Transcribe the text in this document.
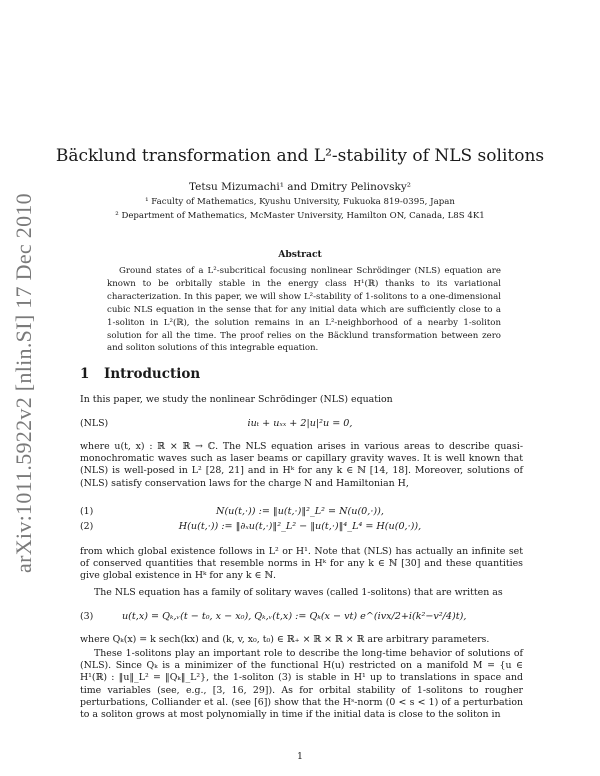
arXiv:1011.5922v2 [nlin.SI] 17 Dec 2010
Bäcklund transformation and L²-stability of NLS solitons
Tetsu Mizumachi¹ and Dmitry Pelinovsky²
¹ Faculty of Mathematics, Kyushu University, Fukuoka 819-0395, Japan
² Department of Mathematics, McMaster University, Hamilton ON, Canada, L8S 4K1
Abstract
Ground states of a L²-subcritical focusing nonlinear Schrödinger (NLS) equation are known to be orbitally stable in the energy class H¹(ℝ) thanks to its variational characterization. In this paper, we will show L²-stability of 1-solitons to a one-dimensional cubic NLS equation in the sense that for any initial data which are sufficiently close to a 1-soliton in L²(ℝ), the solution remains in an L²-neighborhood of a nearby 1-soliton solution for all the time. The proof relies on the Bäcklund transformation between zero and soliton solutions of this integrable equation.
1 Introduction
In this paper, we study the nonlinear Schrödinger (NLS) equation
(NLS)	iuₜ + uₓₓ + 2|u|²u = 0,
where u(t, x) : ℝ × ℝ → ℂ. The NLS equation arises in various areas to describe quasi-monochromatic waves such as laser beams or capillary gravity waves. It is well known that (NLS) is well-posed in L² [28, 21] and in Hᵏ for any k ∈ ℕ [14, 18]. Moreover, solutions of (NLS) satisfy conservation laws for the charge N and Hamiltonian H,
(1)	N(u(t,·)) := ‖u(t,·)‖²_L² = N(u(0,·)),
(2)	H(u(t,·)) := ‖∂ₓu(t,·)‖²_L² − ‖u(t,·)‖⁴_L⁴ = H(u(0,·)),
from which global existence follows in L² or H¹. Note that (NLS) has actually an infinite set of conserved quantities that resemble norms in Hᵏ for any k ∈ ℕ [30] and these quantities give global existence in Hᵏ for any k ∈ ℕ.
The NLS equation has a family of solitary waves (called 1-solitons) that are written as
(3)	u(t,x) = Qₖ,ᵥ(t − t₀, x − x₀), Qₖ,ᵥ(t,x) := Qₖ(x − vt) e^(ivx/2+i(k²−v²/4)t),
where Qₖ(x) = k sech(kx) and (k, v, x₀, t₀) ∈ ℝ₊ × ℝ × ℝ × ℝ are arbitrary parameters.
These 1-solitons play an important role to describe the long-time behavior of solutions of (NLS). Since Qₖ is a minimizer of the functional H(u) restricted on a manifold M = {u ∈ H¹(ℝ) : ‖u‖_L² = ‖Qₖ‖_L²}, the 1-soliton (3) is stable in H¹ up to translations in space and time variables (see, e.g., [3, 16, 29]). As for orbital stability of 1-solitons to rougher perturbations, Colliander et al. (see [6]) show that the Hˢ-norm (0 < s < 1) of a perturbation to a soliton grows at most polynomially in time if the initial data is close to the soliton in
1
